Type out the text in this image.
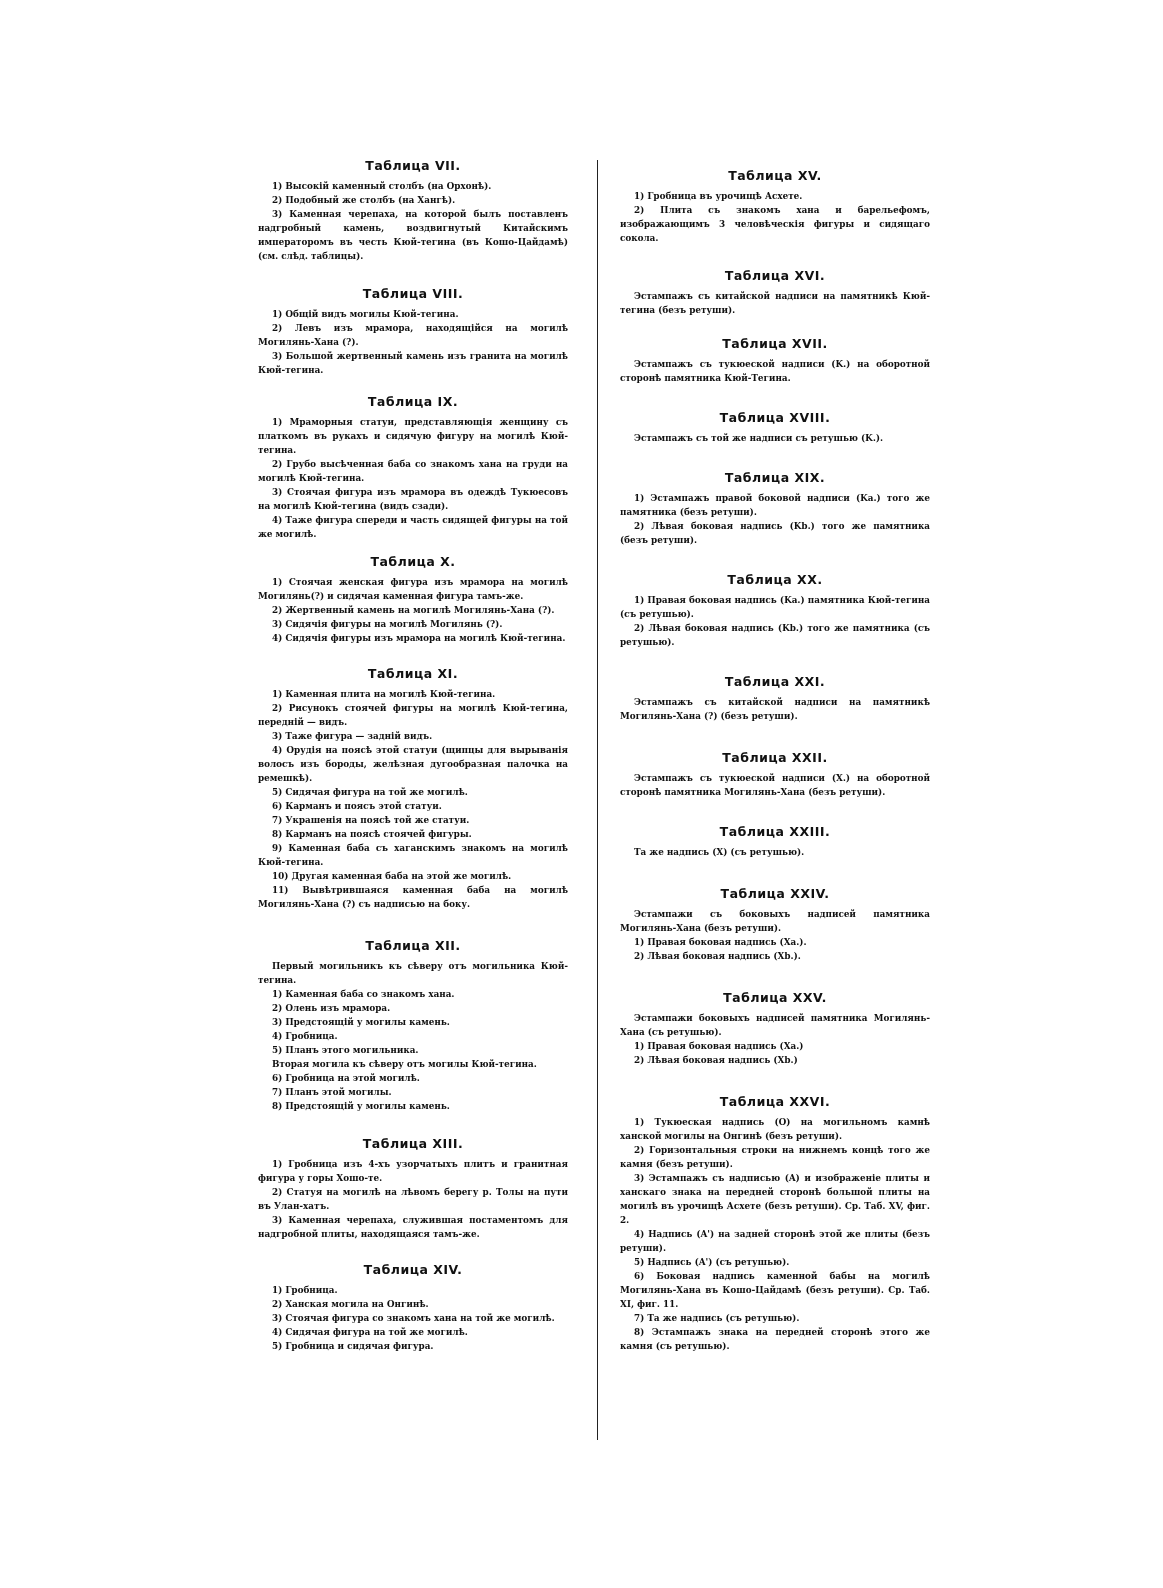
Таблица VII.

1) Высокій каменный столбъ (на Орхонѣ).

2) Подобный же столбъ (на Хангѣ).

3) Каменная черепаха, на которой былъ поставленъ надгробный камень, воздвигнутый Китайскимъ императоромъ въ честь Кюй-тегина (въ Кошо-Цайдамѣ) (см. слѣд. таблицы).

Таблица VIII.

1) Общій видъ могилы Кюй-тегина.

2) Левъ изъ мрамора, находящійся на могилѣ Могилянь-Хана (?).

3) Большой жертвенный камень изъ гранита на могилѣ Кюй-тегина.

Таблица IX.

1) Мраморныя статуи, представляющія женщину съ платкомъ въ рукахъ и сидячую фигуру на могилѣ Кюй-тегина.

2) Грубо высѣченная баба со знакомъ хана на груди на могилѣ Кюй-тегина.

3) Стоячая фигура изъ мрамора въ одеждѣ Тукюесовъ на могилѣ Кюй-тегина (видъ сзади).

4) Таже фигура спереди и часть сидящей фигуры на той же могилѣ.

Таблица X.

1) Стоячая женская фигура изъ мрамора на могилѣ Могилянь(?) и сидячая каменная фигура тамъ-же.

2) Жертвенный камень на могилѣ Могилянь-Хана (?).

3) Сидячія фигуры на могилѣ Могилянь (?).

4) Сидячія фигуры изъ мрамора на могилѣ Кюй-тегина.

Таблица XI.

1) Каменная плита на могилѣ Кюй-тегина.

2) Рисунокъ стоячей фигуры на могилѣ Кюй-тегина, передній — видъ.

3) Таже фигура — задній видъ.

4) Орудія на поясѣ этой статуи (щипцы для вырыванія волосъ изъ бороды, желѣзная дугообразная палочка на ремешкѣ).

5) Сидячая фигура на той же могилѣ.

6) Карманъ и поясъ этой статуи.

7) Украшенія на поясѣ той же статуи.

8) Карманъ на поясѣ стоячей фигуры.

9) Каменная баба съ хаганскимъ знакомъ на могилѣ Кюй-тегина.

10) Другая каменная баба на этой же могилѣ.

11) Вывѣтрившаяся каменная баба на могилѣ Могилянь-Хана (?) съ надписью на боку.

Таблица XII.

Первый могильникъ къ сѣверу отъ могильника Кюй-тегина.

1) Каменная баба со знакомъ хана.

2) Олень изъ мрамора.

3) Предстоящій у могилы камень.

4) Гробница.

5) Планъ этого могильника.

Вторая могила къ сѣверу отъ могилы Кюй-тегина.

6) Гробница на этой могилѣ.

7) Планъ этой могилы.

8) Предстоящій у могилы камень.

Таблица XIII.

1) Гробница изъ 4-хъ узорчатыхъ плитъ и гранитная фигура у горы Хошо-те.

2) Статуя на могилѣ на лѣвомъ берегу р. Толы на пути въ Улан-хатъ.

3) Каменная черепаха, служившая постаментомъ для надгробной плиты, находящаяся тамъ-же.

Таблица XIV.

1) Гробница.

2) Ханская могила на Онгинѣ.

3) Стоячая фигура со знакомъ хана на той же могилѣ.

4) Сидячая фигура на той же могилѣ.

5) Гробница и сидячая фигура.

Таблица XV.

1) Гробница въ урочищѣ Асхете.

2) Плита съ знакомъ хана и барельефомъ, изображающимъ 3 человѣческія фигуры и сидящаго сокола.

Таблица XVI.

Эстампажъ съ китайской надписи на памятникѣ Кюй-тегина (безъ ретуши).

Таблица XVII.

Эстампажъ съ тукюеской надписи (K.) на оборотной сторонѣ памятника Кюй-Тегина.

Таблица XVIII.

Эстампажъ съ той же надписи съ ретушью (K.).

Таблица XIX.

1) Эстампажъ правой боковой надписи (Ka.) того же памятника (безъ ретуши).

2) Лѣвая боковая надпись (Kb.) того же памятника (безъ ретуши).

Таблица XX.

1) Правая боковая надпись (Ka.) памятника Кюй-тегина (съ ретушью).

2) Лѣвая боковая надпись (Kb.) того же памятника (съ ретушью).

Таблица XXI.

Эстампажъ съ китайской надписи на памятникѣ Могилянь-Хана (?) (безъ ретуши).

Таблица XXII.

Эстампажъ съ тукюеской надписи (X.) на оборотной сторонѣ памятника Могилянь-Хана (безъ ретуши).

Таблица XXIII.

Та же надпись (X) (съ ретушью).

Таблица XXIV.

Эстампажи съ боковыхъ надписей памятника Могилянь-Хана (безъ ретуши).

1) Правая боковая надпись (Xa.).

2) Лѣвая боковая надпись (Xb.).

Таблица XXV.

Эстампажи боковыхъ надписей памятника Могилянь-Хана (съ ретушью).

1) Правая боковая надпись (Xa.)

2) Лѣвая боковая надпись (Xb.)

Таблица XXVI.

1) Тукюеская надпись (O) на могильномъ камнѣ ханской могилы на Онгинѣ (безъ ретуши).

2) Горизонтальныя строки на нижнемъ концѣ того же камня (безъ ретуши).

3) Эстампажъ съ надписью (A) и изображеніе плиты и ханскаго знака на передней сторонѣ большой плиты на могилѣ въ урочищѣ Асхете (безъ ретуши). Ср. Таб. XV, фиг. 2.

4) Надпись (A') на задней сторонѣ этой же плиты (безъ ретуши).

5) Надпись (A') (съ ретушью).

6) Боковая надпись каменной бабы на могилѣ Могилянь-Хана въ Кошо-Цайдамѣ (безъ ретуши). Ср. Таб. XI, фиг. 11.

7) Та же надпись (съ ретушью).

8) Эстампажъ знака на передней сторонѣ этого же камня (съ ретушью).
